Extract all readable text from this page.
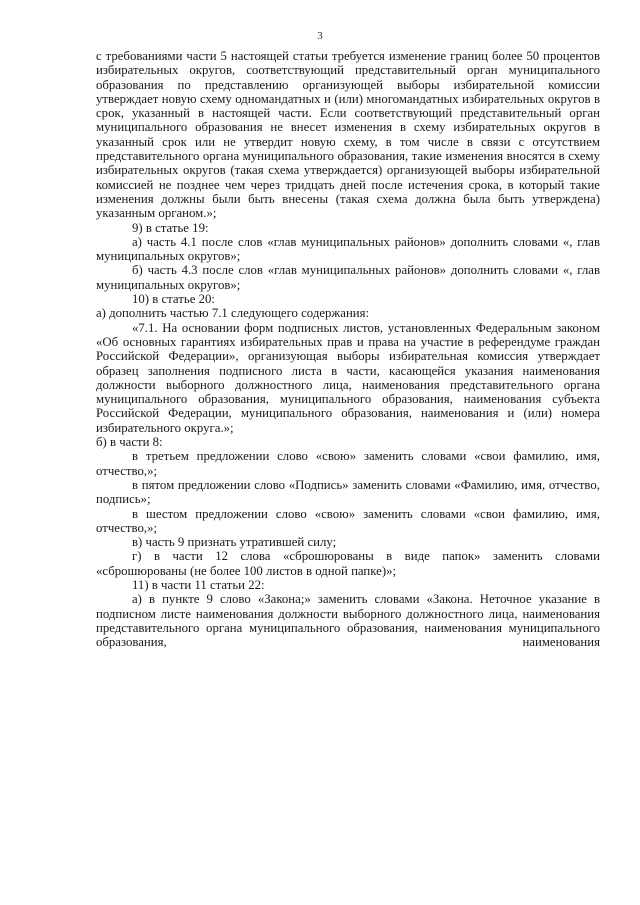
3

с требованиями части 5 настоящей статьи требуется изменение границ более 50 процентов избирательных округов, соответствующий представительный орган муниципального образования по представлению организующей выборы избирательной комиссии утверждает новую схему одномандатных и (или) многомандатных избирательных округов в срок, указанный в настоящей части. Если соответствующий представительный орган муниципального образования не внесет изменения в схему избирательных округов в указанный срок или не утвердит новую схему, в том числе в связи с отсутствием представительного органа муниципального образования, такие изменения вносятся в схему избирательных округов (такая схема утверждается) организующей выборы избирательной комиссией не позднее чем через тридцать дней после истечения срока, в который такие изменения должны были быть внесены (такая схема должна была быть утверждена) указанным органом.»;

9) в статье 19:

а) часть 4.1 после слов «глав муниципальных районов» дополнить словами «, глав муниципальных округов»;

б) часть 4.3 после слов «глав муниципальных районов» дополнить словами «, глав муниципальных округов»;

10) в статье 20:

а) дополнить частью 7.1 следующего содержания:

«7.1. На основании форм подписных листов, установленных Федеральным законом «Об основных гарантиях избирательных прав и права на участие в референдуме граждан Российской Федерации», организующая выборы избирательная комиссия утверждает образец заполнения подписного листа в части, касающейся указания наименования должности выборного должностного лица, наименования представительного органа муниципального образования, муниципального образования, наименования субъекта Российской Федерации, муниципального образования, наименования и (или) номера избирательного округа.»;

б) в части 8:

в третьем предложении слово «свою» заменить словами «свои фамилию, имя, отчество,»;

в пятом предложении слово «Подпись» заменить словами «Фамилию, имя, отчество, подпись»;

в шестом предложении слово «свою» заменить словами «свои фамилию, имя, отчество,»;

в) часть 9 признать утратившей силу;

г) в части 12 слова «сброшюрованы в виде папок» заменить словами «сброшюрованы (не более 100 листов в одной папке)»;

11) в части 11 статьи 22:

а) в пункте 9 слово «Закона;» заменить словами «Закона. Неточное указание в подписном листе наименования должности выборного должностного лица, наименования представительного органа муниципального образования, наименования муниципального образования, наименования
